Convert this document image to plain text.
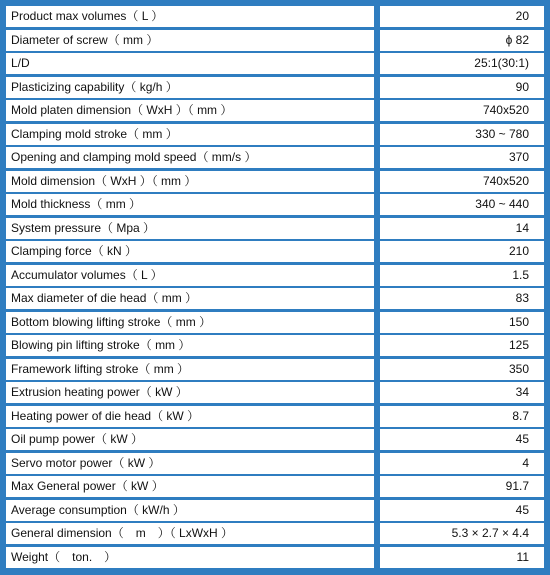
Product max volumes（ L ）	20
Diameter of screw（ mm ）	ϕ 82
L/D	25:1(30:1)
Plasticizing capability（ kg/h ）	90
Mold platen dimension（ WxH ）（ mm ）	740x520
Clamping mold stroke（ mm ）	330 ~ 780
Opening and clamping mold speed（ mm/s ）	370
Mold dimension（ WxH ）（ mm ）	740x520
Mold thickness（ mm ）	340 ~ 440
System pressure（ Mpa ）	14
Clamping force（ kN ）	210
Accumulator volumes（ L ）	1.5
Max diameter of die head（ mm ）	83
Bottom blowing lifting stroke（ mm ）	150
Blowing pin lifting stroke（ mm ）	125
Framework lifting stroke（ mm ）	350
Extrusion heating power（ kW ）	34
Heating power of die head（ kW ）	8.7
Oil pump power（ kW ）	45
Servo motor power（ kW ）	4
Max General power（ kW ）	91.7
Average consumption（ kW/h ）	45
General dimension（　m　）（ LxWxH ）	5.3 × 2.7 × 4.4
Weight（　ton.　）	11
